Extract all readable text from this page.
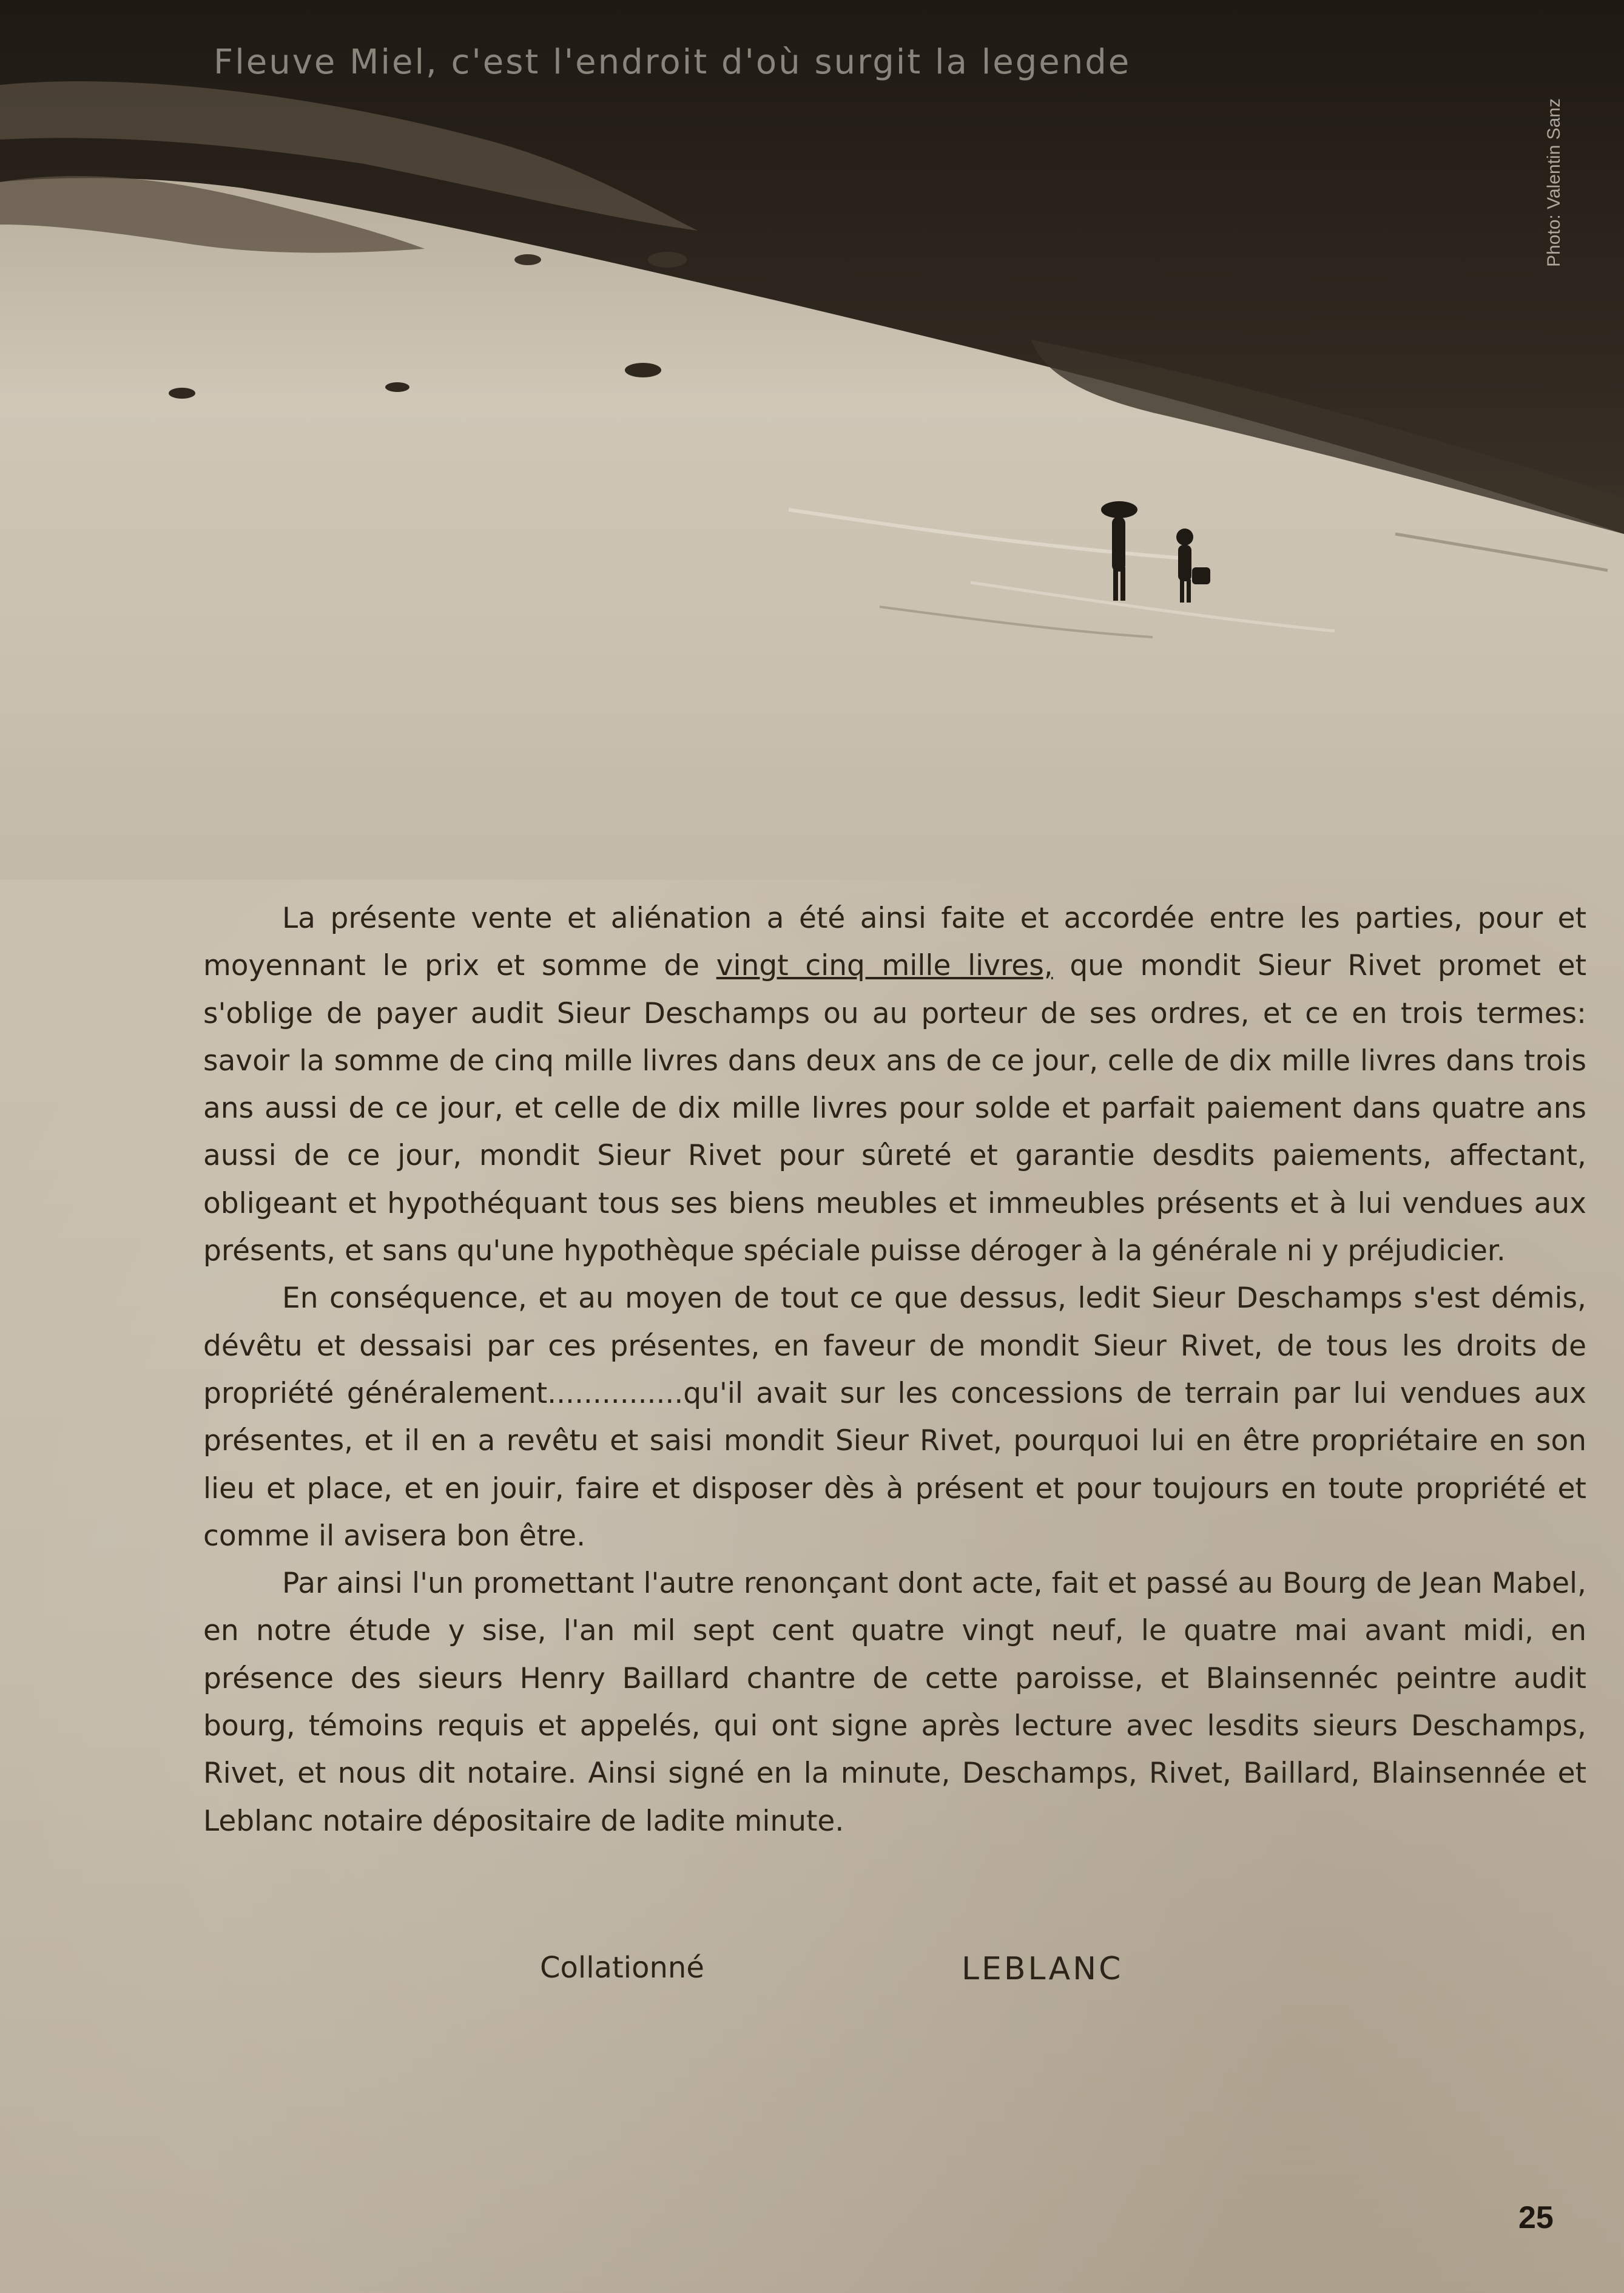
Fleuve Miel, c'est l'endroit d'où surgit la legende
Photo: Valentin Sanz

La présente vente et aliénation a été ainsi faite et accordée entre les parties, pour et moyennant le prix et somme de vingt cinq mille livres, que mondit Sieur Rivet promet et s'oblige de payer audit Sieur Deschamps ou au porteur de ses ordres, et ce en trois termes: savoir la somme de cinq mille livres dans deux ans de ce jour, celle de dix mille livres dans trois ans aussi de ce jour, et celle de dix mille livres pour solde et parfait paiement dans quatre ans aussi de ce jour, mondit Sieur Rivet pour sûreté et garantie desdits paiements, affectant, obligeant et hypothéquant tous ses biens meubles et immeubles présents et à lui vendues aux présents, et sans qu'une hypothèque spéciale puisse déroger à la générale ni y préjudicier.

En conséquence, et au moyen de tout ce que dessus, ledit Sieur Deschamps s'est démis, dévêtu et dessaisi par ces présentes, en faveur de mondit Sieur Rivet, de tous les droits de propriété généralement...............qu'il avait sur les concessions de terrain par lui vendues aux présentes, et il en a revêtu et saisi mondit Sieur Rivet, pourquoi lui en être propriétaire en son lieu et place, et en jouir, faire et disposer dès à présent et pour toujours en toute propriété et comme il avisera bon être.

Par ainsi l'un promettant l'autre renonçant dont acte, fait et passé au Bourg de Jean Mabel, en notre étude y sise, l'an mil sept cent quatre vingt neuf, le quatre mai avant midi, en présence des sieurs Henry Baillard chantre de cette paroisse, et Blainsennéc peintre audit bourg, témoins requis et appelés, qui ont signe après lecture avec lesdits sieurs Deschamps, Rivet, et nous dit notaire. Ainsi signé en la minute, Deschamps, Rivet, Baillard, Blainsennée et Leblanc notaire dépositaire de ladite minute.

Collationné	LEBLANC
25
